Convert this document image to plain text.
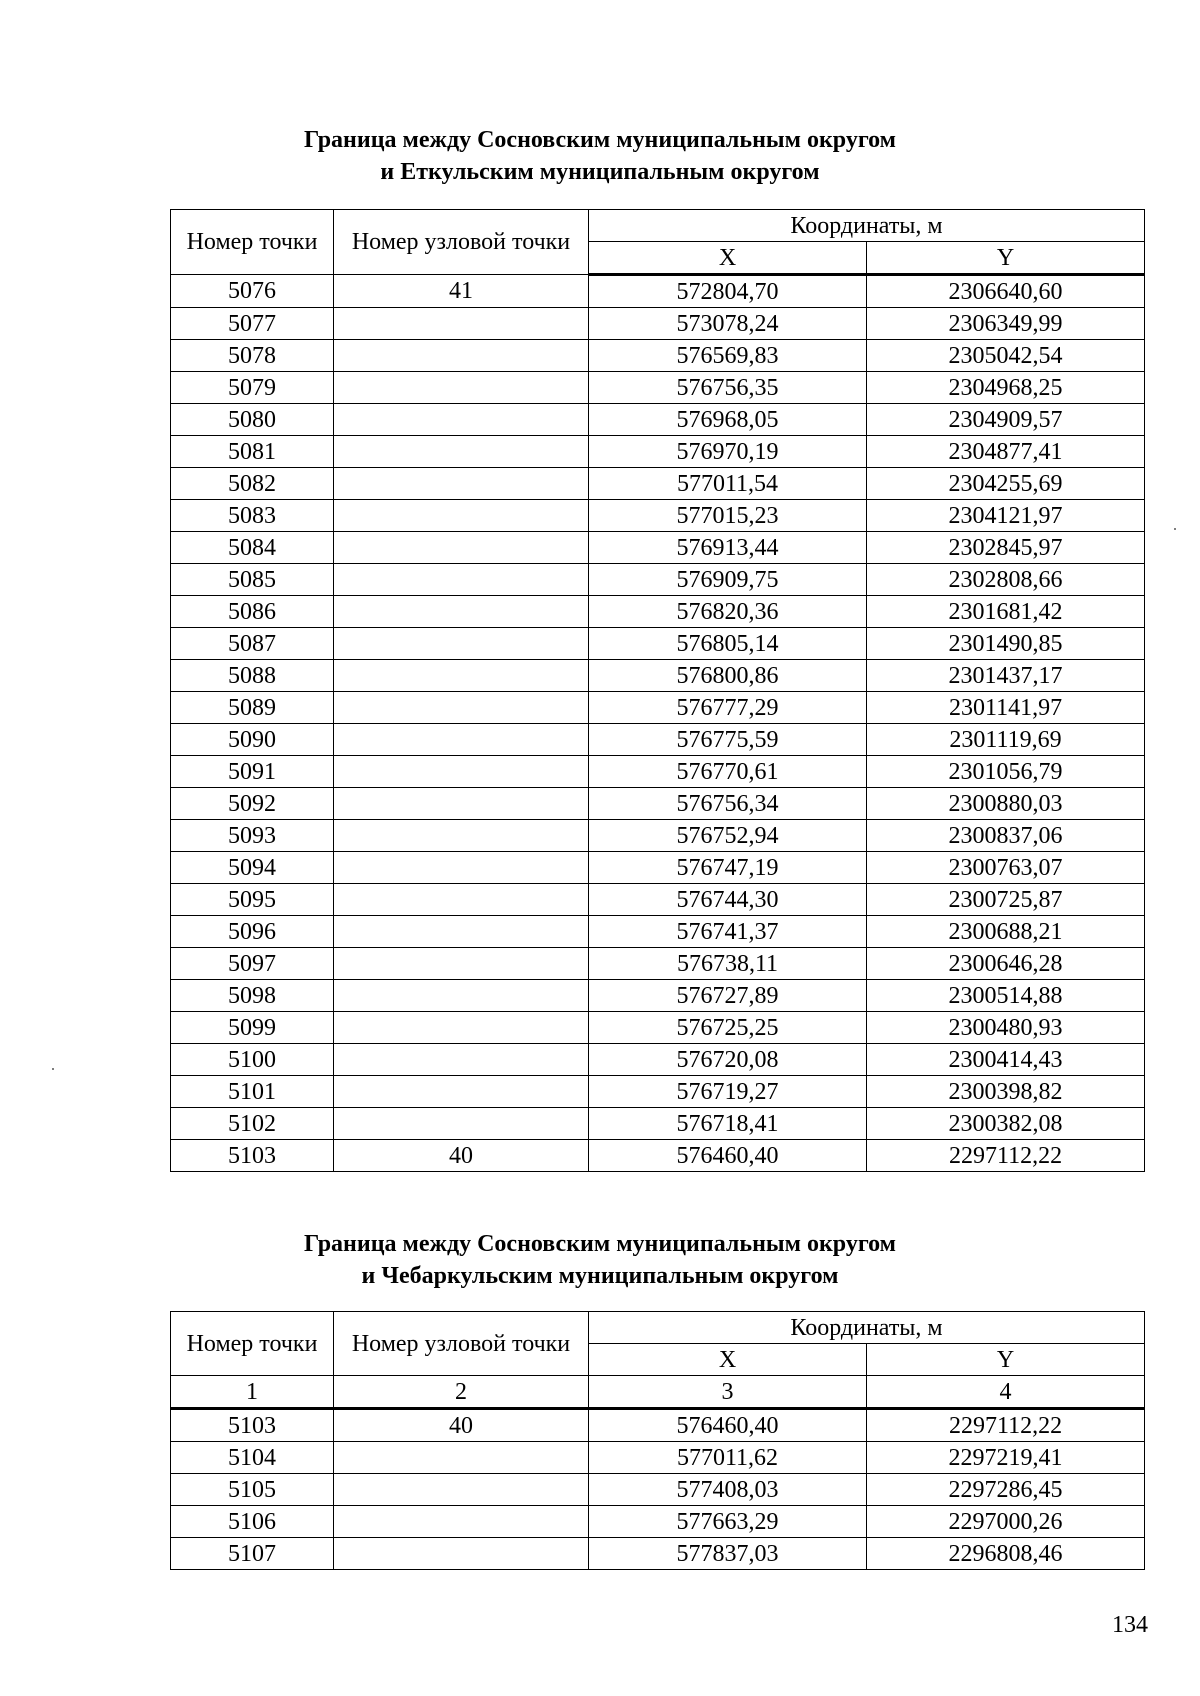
Граница между Сосновским муниципальным округом
и Еткульским муниципальным округом
Номер точки	Номер узловой точки	Координаты, м	
		X	Y
5076	41	572804,70	2306640,60
5077		573078,24	2306349,99
5078		576569,83	2305042,54
5079		576756,35	2304968,25
5080		576968,05	2304909,57
5081		576970,19	2304877,41
5082		577011,54	2304255,69
5083		577015,23	2304121,97
5084		576913,44	2302845,97
5085		576909,75	2302808,66
5086		576820,36	2301681,42
5087		576805,14	2301490,85
5088		576800,86	2301437,17
5089		576777,29	2301141,97
5090		576775,59	2301119,69
5091		576770,61	2301056,79
5092		576756,34	2300880,03
5093		576752,94	2300837,06
5094		576747,19	2300763,07
5095		576744,30	2300725,87
5096		576741,37	2300688,21
5097		576738,11	2300646,28
5098		576727,89	2300514,88
5099		576725,25	2300480,93
5100		576720,08	2300414,43
5101		576719,27	2300398,82
5102		576718,41	2300382,08
5103	40	576460,40	2297112,22
Граница между Сосновским муниципальным округом
и Чебаркульским муниципальным округом
Номер точки	Номер узловой точки	Координаты, м	
		X	Y
1	2	3	4
5103	40	576460,40	2297112,22
5104		577011,62	2297219,41
5105		577408,03	2297286,45
5106		577663,29	2297000,26
5107		577837,03	2296808,46
134
